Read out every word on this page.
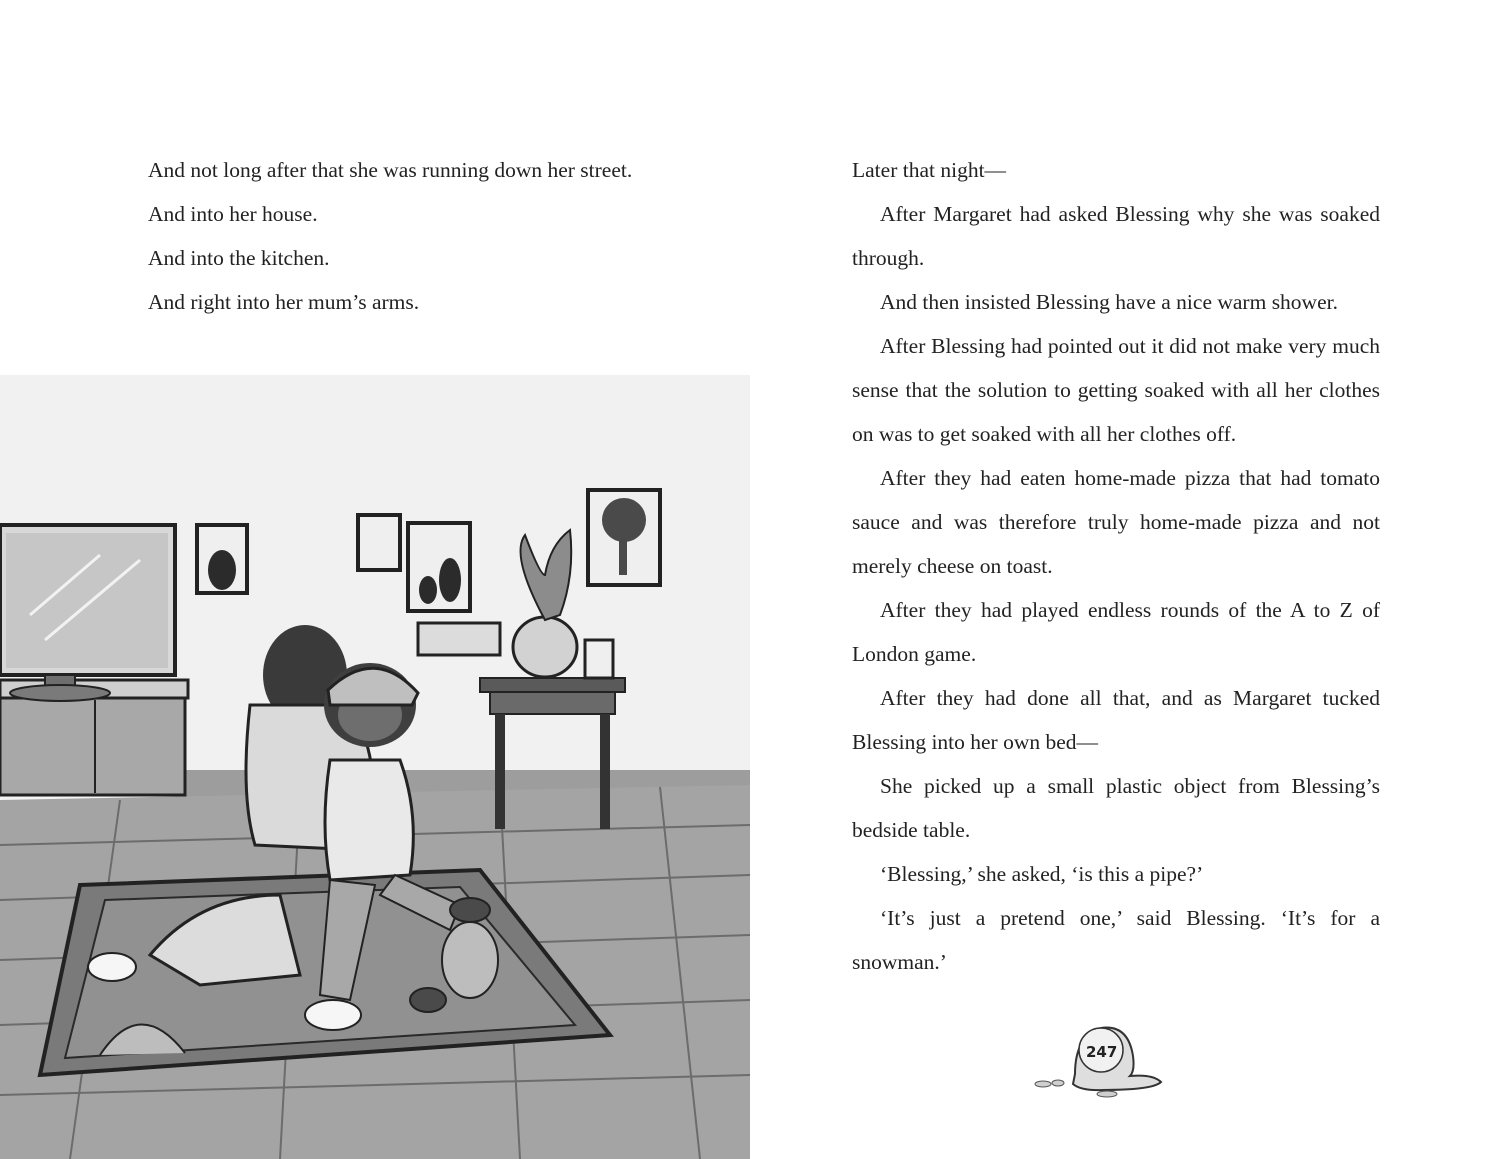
And not long after that she was running down her street.

And into her house.

And into the kitchen.

And right into her mum’s arms.

Later that night—

After Margaret had asked Blessing why she was soaked through.

And then insisted Blessing have a nice warm shower.

After Blessing had pointed out it did not make very much sense that the solution to getting soaked with all her clothes on was to get soaked with all her clothes off.

After they had eaten home-made pizza that had tomato sauce and was therefore truly home-made pizza and not merely cheese on toast.

After they had played endless rounds of the A to Z of London game.

After they had done all that, and as Margaret tucked Blessing into her own bed—

She picked up a small plastic object from Blessing’s bedside table.

‘Blessing,’ she asked, ‘is this a pipe?’

‘It’s just a pretend one,’ said Blessing. ‘It’s for a snowman.’

247
